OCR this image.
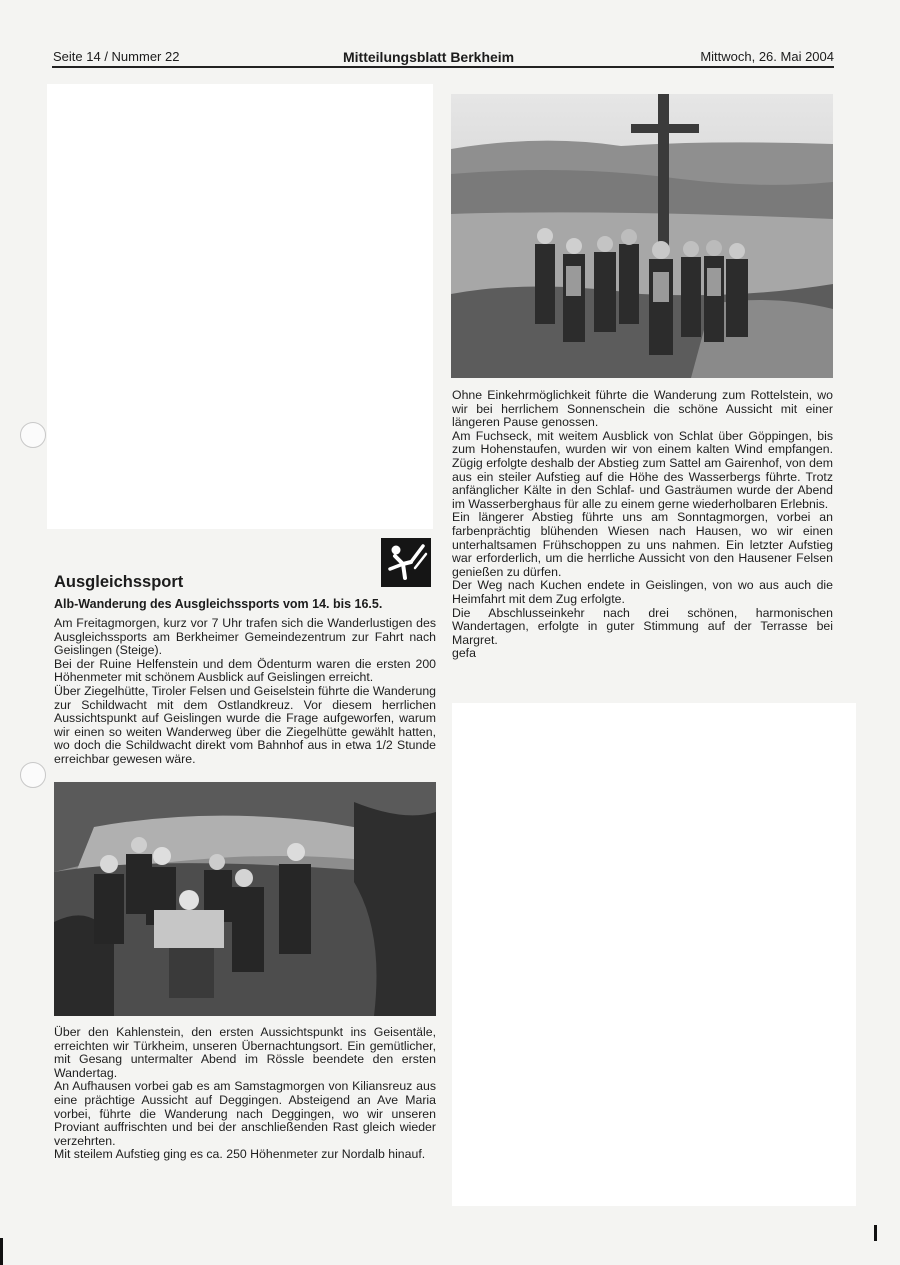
Seite 14 / Nummer 22	Mitteilungsblatt Berkheim	Mittwoch, 26. Mai 2004
Ausgleichssport
Alb-Wanderung des Ausgleichssports vom 14. bis 16.5.

Am Freitagmorgen, kurz vor 7 Uhr trafen sich die Wanderlustigen des Ausgleichssports am Berkheimer Gemeindezentrum zur Fahrt nach Geislingen (Steige).

Bei der Ruine Helfenstein und dem Ödenturm waren die ersten 200 Höhenmeter mit schönem Ausblick auf Geislingen erreicht.

Über Ziegelhütte, Tiroler Felsen und Geiselstein führte die Wanderung zur Schildwacht mit dem Ostlandkreuz. Vor diesem herrlichen Aussichtspunkt auf Geislingen wurde die Frage aufgeworfen, warum wir einen so weiten Wanderweg über die Ziegelhütte gewählt hatten, wo doch die Schildwacht direkt vom Bahnhof aus in etwa 1/2 Stunde erreichbar gewesen wäre.

Über den Kahlenstein, den ersten Aussichtspunkt ins Geisentäle, erreichten wir Türkheim, unseren Übernachtungsort. Ein gemütlicher, mit Gesang untermalter Abend im Rössle beendete den ersten Wandertag.

An Aufhausen vorbei gab es am Samstagmorgen von Kiliansreuz aus eine prächtige Aussicht auf Deggingen. Absteigend an Ave Maria vorbei, führte die Wanderung nach Deggingen, wo wir unseren Proviant auffrischten und bei der anschließenden Rast gleich wieder verzehrten.

Mit steilem Aufstieg ging es ca. 250 Höhenmeter zur Nordalb hinauf.

Ohne Einkehrmöglichkeit führte die Wanderung zum Rottelstein, wo wir bei herrlichem Sonnenschein die schöne Aussicht mit einer längeren Pause genossen.

Am Fuchseck, mit weitem Ausblick von Schlat über Göppingen, bis zum Hohenstaufen, wurden wir von einem kalten Wind empfangen. Zügig erfolgte deshalb der Abstieg zum Sattel am Gairenhof, von dem aus ein steiler Aufstieg auf die Höhe des Wasserbergs führte. Trotz anfänglicher Kälte in den Schlaf- und Gasträumen wurde der Abend im Wasserberghaus für alle zu einem gerne wiederholbaren Erlebnis.

Ein längerer Abstieg führte uns am Sonntagmorgen, vorbei an farbenprächtig blühenden Wiesen nach Hausen, wo wir einen unterhaltsamen Frühschoppen zu uns nahmen. Ein letzter Aufstieg war erforderlich, um die herrliche Aussicht von den Hausener Felsen genießen zu dürfen.

Der Weg nach Kuchen endete in Geislingen, von wo aus auch die Heimfahrt mit dem Zug erfolgte.

Die Abschlusseinkehr nach drei schönen, harmonischen Wandertagen, erfolgte in guter Stimmung auf der Terrasse bei Margret.

gefa
